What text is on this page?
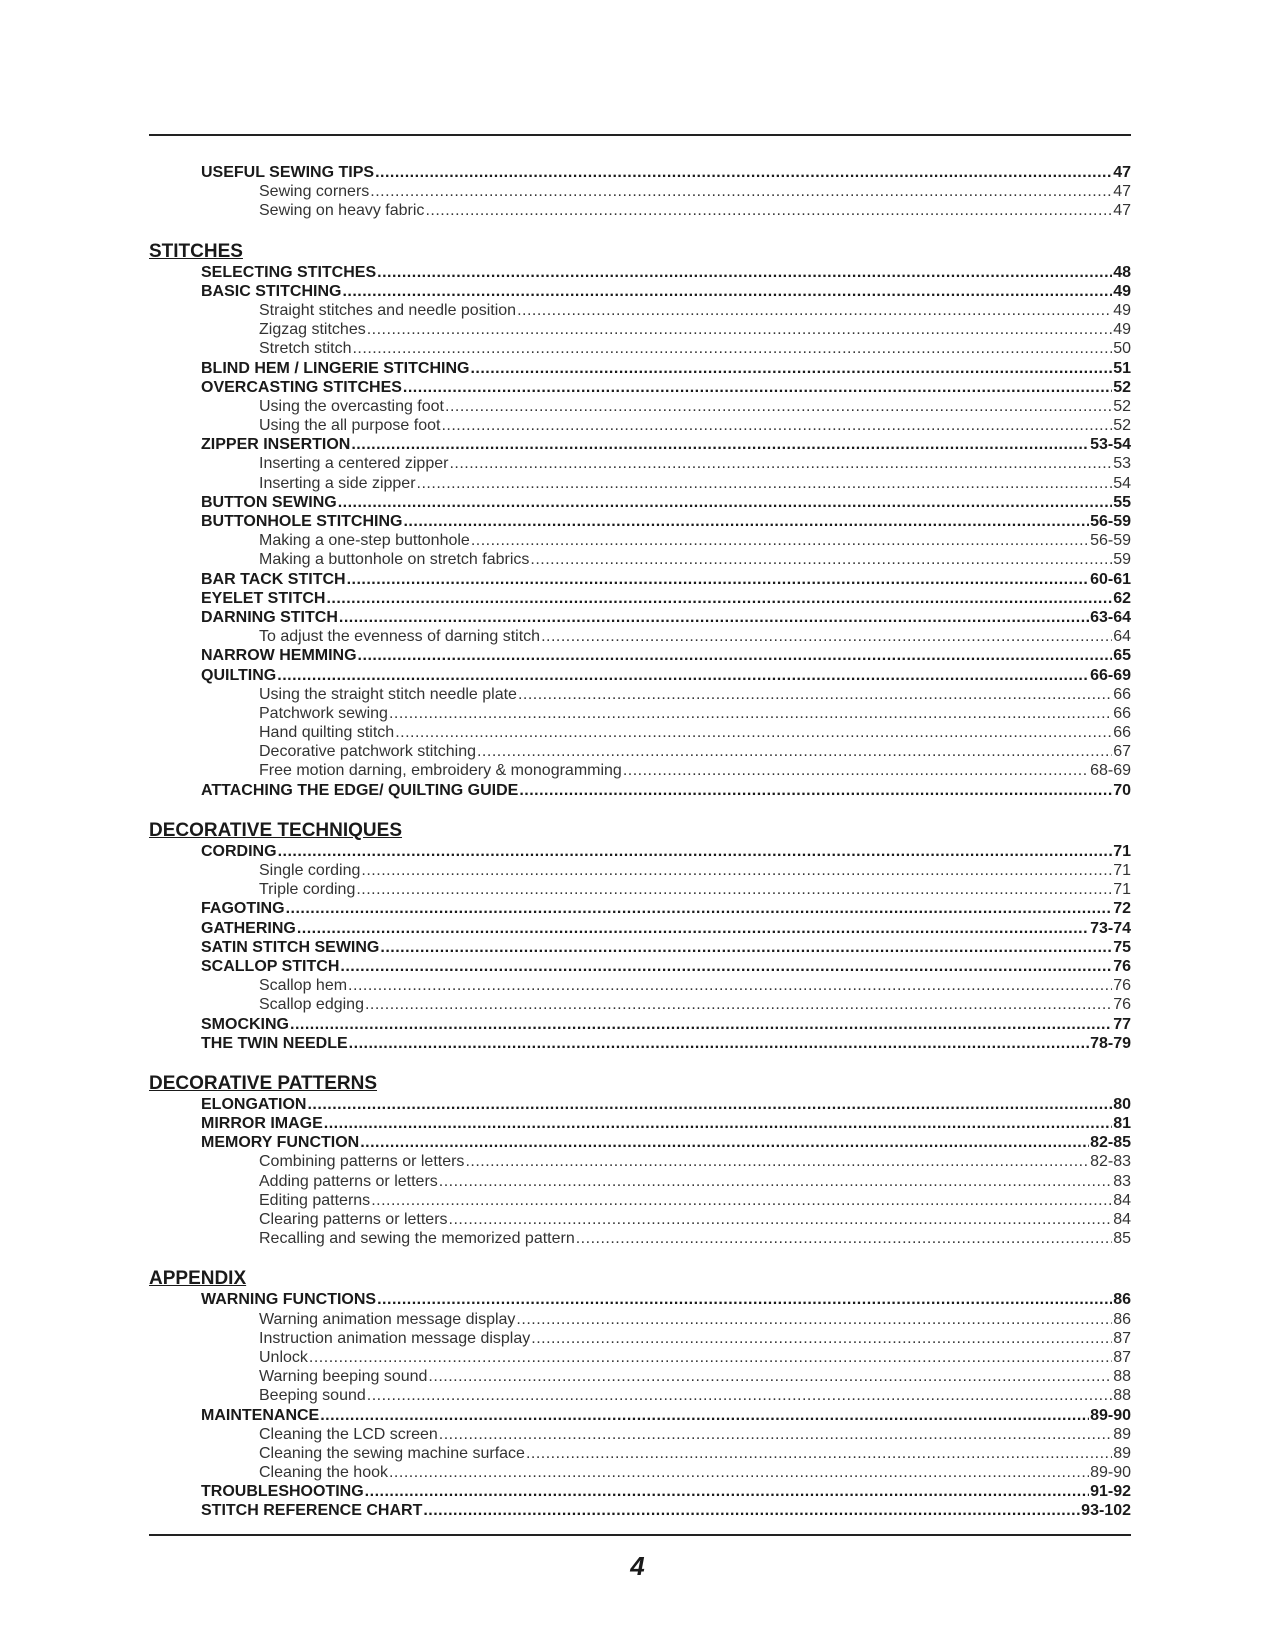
USEFUL SEWING TIPS .....	47
Sewing corners .....	47
Sewing on heavy fabric .....	47
STITCHES
SELECTING STITCHES .....	48
BASIC STITCHING .....	49
Straight stitches and needle position .....	49
Zigzag stitches .....	49
Stretch stitch .....	50
BLIND HEM / LINGERIE STITCHING .....	51
OVERCASTING STITCHES .....	52
Using the overcasting foot .....	52
Using the all purpose foot .....	52
ZIPPER INSERTION .....	53-54
Inserting a centered zipper .....	53
Inserting a side zipper .....	54
BUTTON SEWING .....	55
BUTTONHOLE STITCHING .....	56-59
Making a one-step buttonhole .....	56-59
Making a buttonhole on stretch fabrics .....	59
BAR TACK STITCH .....	60-61
EYELET STITCH .....	62
DARNING STITCH .....	63-64
To adjust the evenness of darning stitch .....	64
NARROW HEMMING .....	65
QUILTING .....	66-69
Using the straight stitch needle plate .....	66
Patchwork sewing .....	66
Hand quilting stitch .....	66
Decorative patchwork stitching .....	67
Free motion darning, embroidery & monogramming .....	68-69
ATTACHING THE EDGE/ QUILTING GUIDE .....	70
DECORATIVE TECHNIQUES
CORDING .....	71
Single cording .....	71
Triple cording .....	71
FAGOTING .....	72
GATHERING .....	73-74
SATIN STITCH SEWING .....	75
SCALLOP STITCH .....	76
Scallop hem .....	76
Scallop edging .....	76
SMOCKING .....	77
THE TWIN NEEDLE .....	78-79
DECORATIVE PATTERNS
ELONGATION .....	80
MIRROR IMAGE .....	81
MEMORY FUNCTION .....	82-85
Combining patterns or letters .....	82-83
Adding patterns or letters .....	83
Editing patterns .....	84
Clearing patterns or letters .....	84
Recalling and sewing the memorized pattern .....	85
APPENDIX
WARNING FUNCTIONS .....	86
Warning animation message display .....	86
Instruction animation message display .....	87
Unlock .....	87
Warning beeping sound .....	88
Beeping sound .....	88
MAINTENANCE .....	89-90
Cleaning the LCD screen .....	89
Cleaning the sewing machine surface .....	89
Cleaning the hook .....	89-90
TROUBLESHOOTING .....	91-92
STITCH REFERENCE CHART .....	93-102
4
